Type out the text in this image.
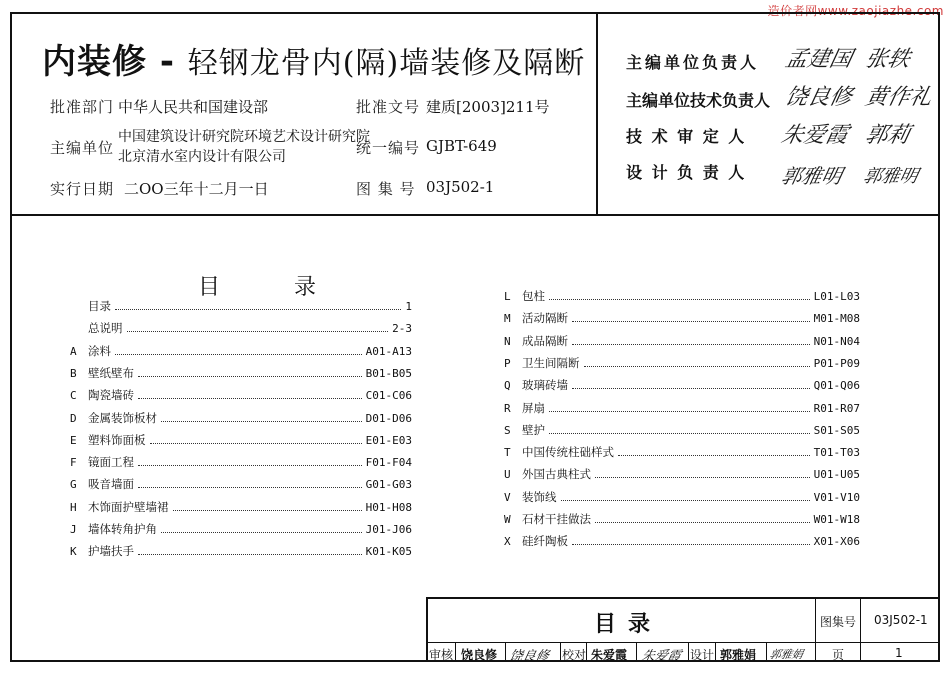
造价者网www.zaojiazhe.com
内装修 - 轻钢龙骨内(隔)墙装修及隔断
批准部门 中华人民共和国建设部	批准文号 建质[2003]211号
主编单位
中国建筑设计研究院环境艺术设计研究院
北京清水室内设计有限公司	统一编号 GJBT-649
实行日期 二OO三年十二月一日	图 集 号 03J502-1
主编单位负责人 孟建国 张轶
主编单位技术负责人 饶良修 黄作礼
技 术 审 定 人 朱爱霞 郭莉
设 计 负 责 人 郭雅明 郭雅明
目        录
目录	1
总说明	2-3
A 涂料	A01-A13
B 壁纸壁布	B01-B05
C 陶瓷墙砖	C01-C06
D 金属装饰板材	D01-D06
E 塑料饰面板	E01-E03
F 镜面工程	F01-F04
G 吸音墙面	G01-G03
H 木饰面护壁墙裙	H01-H08
J 墙体转角护角	J01-J06
K 护墙扶手	K01-K05
L 包柱	L01-L03
M 活动隔断	M01-M08
N 成品隔断	N01-N04
P 卫生间隔断	P01-P09
Q 玻璃砖墙	Q01-Q06
R 屏扇	R01-R07
S 壁护	S01-S05
T 中国传统柱础样式	T01-T03
U 外国古典柱式	U01-U05
V 装饰线	V01-V10
W 石材干挂做法	W01-W18
X 硅纤陶板	X01-X06
目录	图集号 03J502-1
审核 饶良修 饶良修 校对 朱爱霞 朱爱霞 设计 郭雅娟 郭雅娟 页	1
